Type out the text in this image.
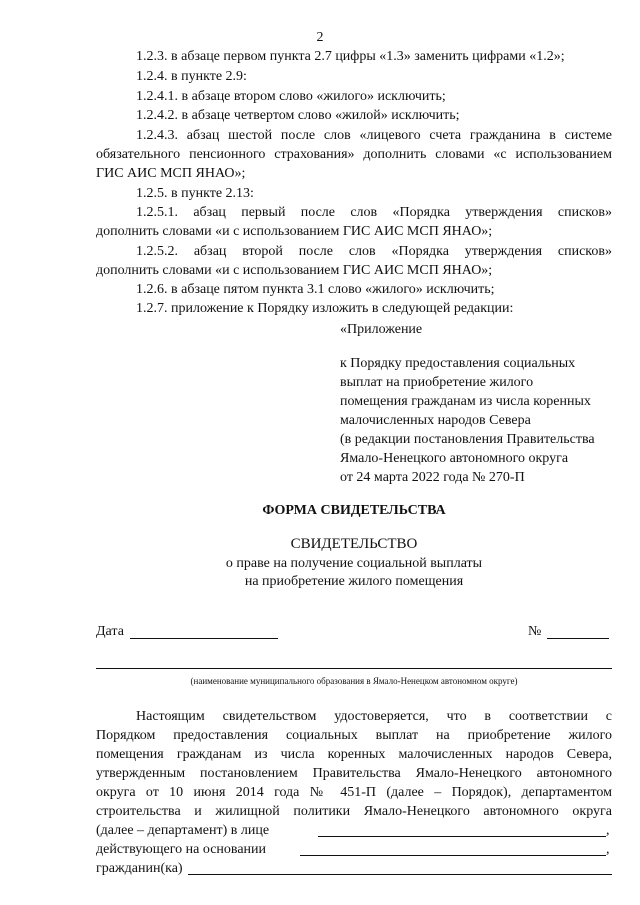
2
1.2.3. в абзаце первом пункта 2.7 цифры «1.3» заменить цифрами «1.2»;
1.2.4. в пункте 2.9:
1.2.4.1. в абзаце втором слово «жилого» исключить;
1.2.4.2. в абзаце четвертом слово «жилой» исключить;
1.2.4.3. абзац шестой после слов «лицевого счета гражданина в системе
обязательного пенсионного страхования» дополнить словами «с использованием
ГИС АИС МСП ЯНАО»;
1.2.5. в пункте 2.13:
1.2.5.1. абзац первый после слов «Порядка утверждения списков»
дополнить словами «и с использованием ГИС АИС МСП ЯНАО»;
1.2.5.2. абзац второй после слов «Порядка утверждения списков»
дополнить словами «и с использованием ГИС АИС МСП ЯНАО»;
1.2.6. в абзаце пятом пункта 3.1 слово «жилого» исключить;
1.2.7. приложение к Порядку изложить в следующей редакции:
«Приложение
к Порядку предоставления социальных
выплат на приобретение жилого
помещения гражданам из числа коренных
малочисленных народов Севера
(в редакции постановления Правительства
Ямало-Ненецкого автономного округа
от 24 марта 2022 года № 270-П
ФОРМА СВИДЕТЕЛЬСТВА
СВИДЕТЕЛЬСТВО
о праве на получение социальной выплаты
на приобретение жилого помещения
Дата	№
(наименование муниципального образования в Ямало-Ненецком автономном округе)
Настоящим свидетельством удостоверяется, что в соответствии с
Порядком предоставления социальных выплат на приобретение жилого
помещения гражданам из числа коренных малочисленных народов Севера,
утвержденным постановлением Правительства Ямало-Ненецкого автономного
округа от 10 июня 2014 года № 451-П (далее – Порядок), департаментом
строительства и жилищной политики Ямало-Ненецкого автономного округа
(далее – департамент) в лице	,
действующего на основании	,
гражданин(ка)
